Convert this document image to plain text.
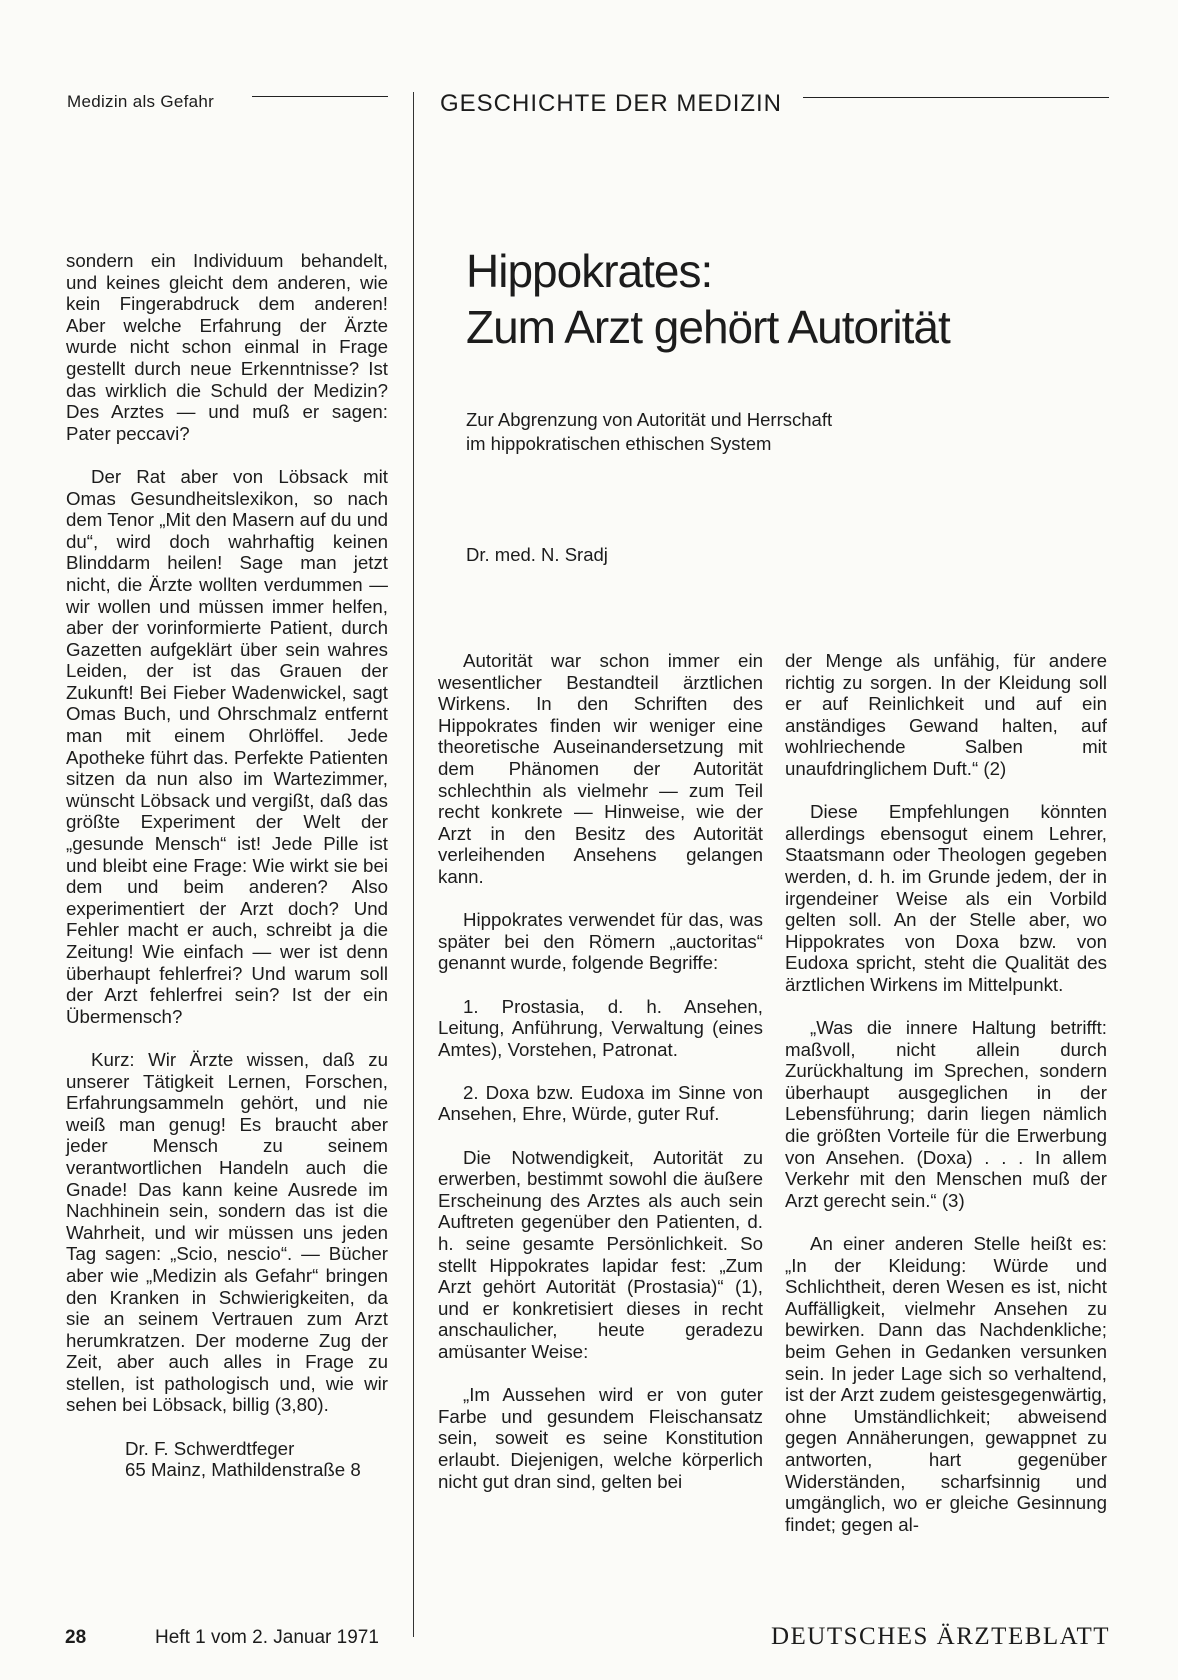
Medizin als Gefahr	GESCHICHTE DER MEDIZIN
Hippokrates:
Zum Arzt gehört Autorität
Zur Abgrenzung von Autorität und Herrschaft
im hippokratischen ethischen System
Dr. med. N. Sradj

sondern ein Individuum behandelt, und keines gleicht dem anderen, wie kein Fingerabdruck dem anderen! Aber welche Erfahrung der Ärzte wurde nicht schon einmal in Frage gestellt durch neue Erkenntnisse? Ist das wirklich die Schuld der Medizin? Des Arztes — und muß er sagen: Pater peccavi?

Der Rat aber von Löbsack mit Omas Gesundheitslexikon, so nach dem Tenor „Mit den Masern auf du und du“, wird doch wahrhaftig keinen Blinddarm heilen! Sage man jetzt nicht, die Ärzte wollten verdummen — wir wollen und müssen immer helfen, aber der vorinformierte Patient, durch Gazetten aufgeklärt über sein wahres Leiden, der ist das Grauen der Zukunft! Bei Fieber Wadenwickel, sagt Omas Buch, und Ohrschmalz entfernt man mit einem Ohrlöffel. Jede Apotheke führt das. Perfekte Patienten sitzen da nun also im Wartezimmer, wünscht Löbsack und vergißt, daß das größte Experiment der Welt der „gesunde Mensch“ ist! Jede Pille ist und bleibt eine Frage: Wie wirkt sie bei dem und beim anderen? Also experimentiert der Arzt doch? Und Fehler macht er auch, schreibt ja die Zeitung! Wie einfach — wer ist denn überhaupt fehlerfrei? Und warum soll der Arzt fehlerfrei sein? Ist der ein Übermensch?

Kurz: Wir Ärzte wissen, daß zu unserer Tätigkeit Lernen, Forschen, Erfahrungsammeln gehört, und nie weiß man genug! Es braucht aber jeder Mensch zu seinem verantwortlichen Handeln auch die Gnade! Das kann keine Ausrede im Nachhinein sein, sondern das ist die Wahrheit, und wir müssen uns jeden Tag sagen: „Scio, nescio“. — Bücher aber wie „Medizin als Gefahr“ bringen den Kranken in Schwierigkeiten, da sie an seinem Vertrauen zum Arzt herumkratzen. Der moderne Zug der Zeit, aber auch alles in Frage zu stellen, ist pathologisch und, wie wir sehen bei Löbsack, billig (3,80).

Dr. F. Schwerdtfeger
65 Mainz, Mathildenstraße 8

Autorität war schon immer ein wesentlicher Bestandteil ärztlichen Wirkens. In den Schriften des Hippokrates finden wir weniger eine theoretische Auseinandersetzung mit dem Phänomen der Autorität schlechthin als vielmehr — zum Teil recht konkrete — Hinweise, wie der Arzt in den Besitz des Autorität verleihenden Ansehens gelangen kann.

Hippokrates verwendet für das, was später bei den Römern „auctoritas“ genannt wurde, folgende Begriffe:

1. Prostasia, d. h. Ansehen, Leitung, Anführung, Verwaltung (eines Amtes), Vorstehen, Patronat.

2. Doxa bzw. Eudoxa im Sinne von Ansehen, Ehre, Würde, guter Ruf.

Die Notwendigkeit, Autorität zu erwerben, bestimmt sowohl die äußere Erscheinung des Arztes als auch sein Auftreten gegenüber den Patienten, d. h. seine gesamte Persönlichkeit. So stellt Hippokrates lapidar fest: „Zum Arzt gehört Autorität (Prostasia)“ (1), und er konkretisiert dieses in recht anschaulicher, heute geradezu amüsanter Weise:

„Im Aussehen wird er von guter Farbe und gesundem Fleischansatz sein, soweit es seine Konstitution erlaubt. Diejenigen, welche körperlich nicht gut dran sind, gelten bei

der Menge als unfähig, für andere richtig zu sorgen. In der Kleidung soll er auf Reinlichkeit und auf ein anständiges Gewand halten, auf wohlriechende Salben mit unaufdringlichem Duft.“ (2)

Diese Empfehlungen könnten allerdings ebensogut einem Lehrer, Staatsmann oder Theologen gegeben werden, d. h. im Grunde jedem, der in irgendeiner Weise als ein Vorbild gelten soll. An der Stelle aber, wo Hippokrates von Doxa bzw. von Eudoxa spricht, steht die Qualität des ärztlichen Wirkens im Mittelpunkt.

„Was die innere Haltung betrifft: maßvoll, nicht allein durch Zurückhaltung im Sprechen, sondern überhaupt ausgeglichen in der Lebensführung; darin liegen nämlich die größten Vorteile für die Erwerbung von Ansehen. (Doxa) . . . In allem Verkehr mit den Menschen muß der Arzt gerecht sein.“ (3)

An einer anderen Stelle heißt es: „In der Kleidung: Würde und Schlichtheit, deren Wesen es ist, nicht Auffälligkeit, vielmehr Ansehen zu bewirken. Dann das Nachdenkliche; beim Gehen in Gedanken versunken sein. In jeder Lage sich so verhaltend, ist der Arzt zudem geistesgegenwärtig, ohne Umständlichkeit; abweisend gegen Annäherungen, gewappnet zu antworten, hart gegenüber Widerständen, scharfsinnig und umgänglich, wo er gleiche Gesinnung findet; gegen al-

28	Heft 1 vom 2. Januar 1971	DEUTSCHES ÄRZTEBLATT
